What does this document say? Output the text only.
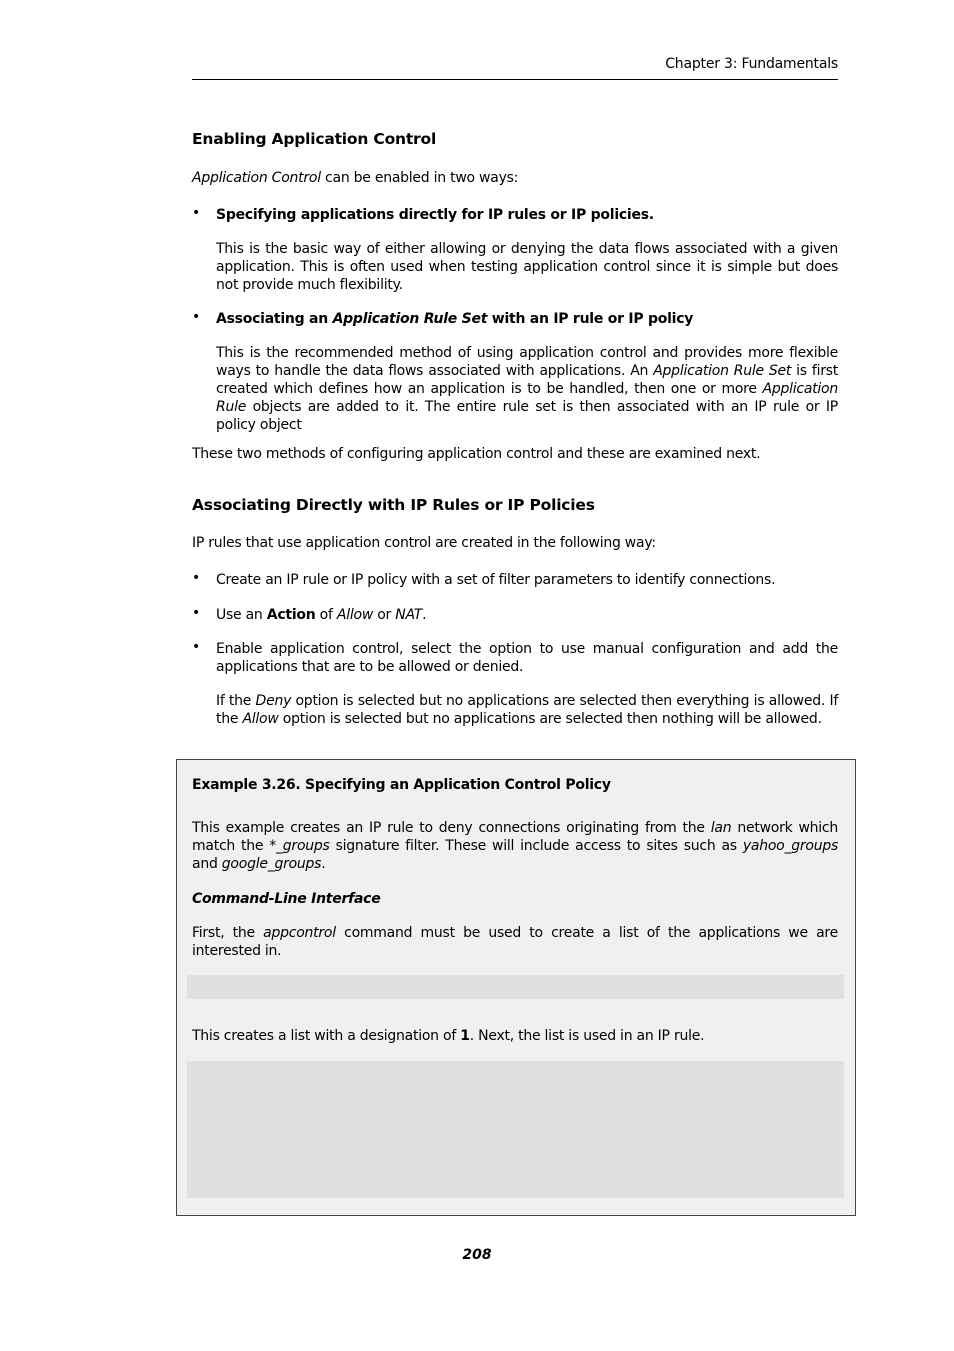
Chapter 3: Fundamentals
Enabling Application Control
Application Control can be enabled in two ways:
• Specifying applications directly for IP rules or IP policies.
This is the basic way of either allowing or denying the data flows associated with a given application. This is often used when testing application control since it is simple but does not provide much flexibility.
• Associating an Application Rule Set with an IP rule or IP policy
This is the recommended method of using application control and provides more flexible ways to handle the data flows associated with applications. An Application Rule Set is first created which defines how an application is to be handled, then one or more Application Rule objects are added to it. The entire rule set is then associated with an IP rule or IP policy object
These two methods of configuring application control and these are examined next.
Associating Directly with IP Rules or IP Policies
IP rules that use application control are created in the following way:
• Create an IP rule or IP policy with a set of filter parameters to identify connections.
• Use an Action of Allow or NAT.
• Enable application control, select the option to use manual configuration and add the applications that are to be allowed or denied.
If the Deny option is selected but no applications are selected then everything is allowed. If the Allow option is selected but no applications are selected then nothing will be allowed.
Example 3.26. Specifying an Application Control Policy
This example creates an IP rule to deny connections originating from the lan network which match the *_groups signature filter. These will include access to sites such as yahoo_groups and google_groups.
Command-Line Interface
First, the appcontrol command must be used to create a list of the applications we are interested in.
This creates a list with a designation of 1. Next, the list is used in an IP rule.
208
